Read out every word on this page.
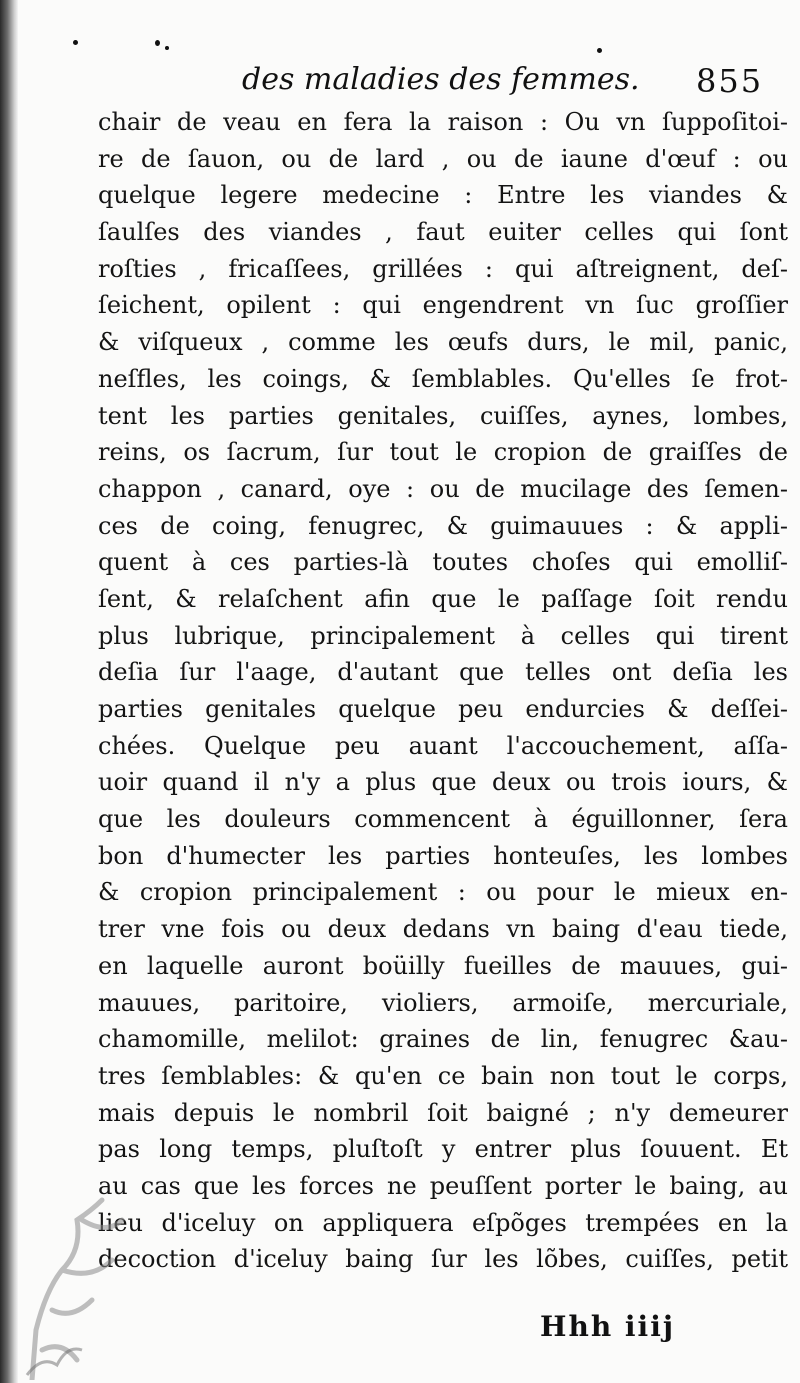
des maladies des femmes. 855
chair de veau en fera la raison : Ou vn ſuppoſitoi-
re de ſauon, ou de lard , ou de iaune d'œuf : ou
quelque legere medecine : Entre les viandes &
ſaulſes des viandes , faut euiter celles qui ſont
roſties , fricaſſees, grillées : qui aſtreignent, deſ-
ſeichent, opilent : qui engendrent vn ſuc groſſier
& viſqueux , comme les œufs durs, le mil, panic,
neſfles, les coings, & ſemblables. Qu'elles ſe frot-
tent les parties genitales, cuiſſes, aynes, lombes,
reins, os ſacrum, ſur tout le cropion de graiſſes de
chappon , canard, oye : ou de mucilage des ſemen-
ces de coing, fenugrec, & guimauues : & appli-
quent à ces parties-là toutes choſes qui emolliſ-
ſent, & relaſchent afin que le paſſage ſoit rendu
plus lubrique, principalement à celles qui tirent
deſia ſur l'aage, d'autant que telles ont deſia les
parties genitales quelque peu endurcies & deſſei-
chées. Quelque peu auant l'accouchement, aſſa-
uoir quand il n'y a plus que deux ou trois iours, &
que les douleurs commencent à éguillonner, ſera
bon d'humecter les parties honteuſes, les lombes
& cropion principalement : ou pour le mieux en-
trer vne fois ou deux dedans vn baing d'eau tiede,
en laquelle auront boüilly fueilles de mauues, gui-
mauues, paritoire, violiers, armoiſe, mercuriale,
chamomille, melilot: graines de lin, fenugrec &au-
tres ſemblables: & qu'en ce bain non tout le corps,
mais depuis le nombril ſoit baigné ; n'y demeurer
pas long temps, pluſtoſt y entrer plus ſouuent. Et
au cas que les forces ne peuſſent porter le baing, au
lieu d'iceluy on appliquera eſpõges trempées en la
decoction d'iceluy baing ſur les lõbes, cuiſſes, petit
Hhh iiij
